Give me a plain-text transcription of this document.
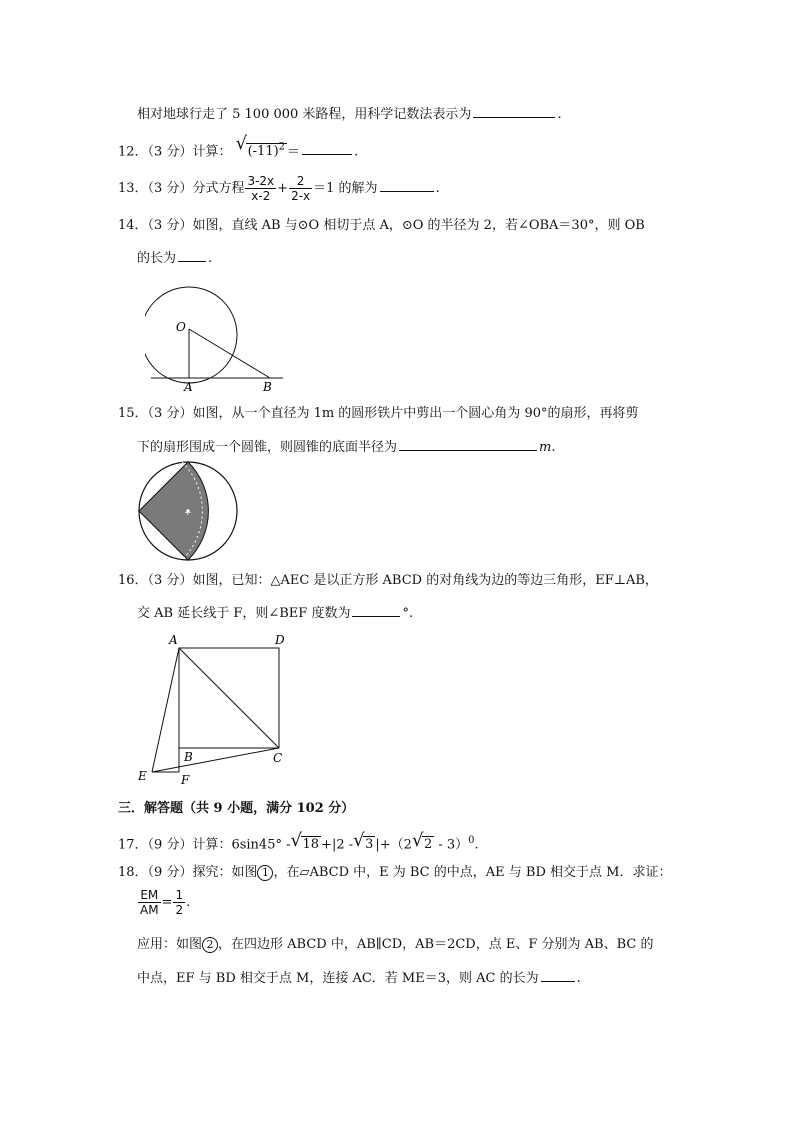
相对地球行走了 5 100 000 米路程，用科学记数法表示为	.
12．（3 分）计算： √ $(-11)^2$ ＝	.
13．（3 分）分式方程 $\frac{3-2x}{x-2} + \frac{2}{2-x} =1$ 的解为	.
14．（3 分）如图，直线 AB 与⊙O 相切于点 A，⊙O 的半径为 2，若∠OBA＝30°，则 OB
的长为 .
O
A	B
15．（3 分）如图，从一个直径为 1m 的圆形铁片中剪出一个圆心角为 90°的扇形，再将剪
下的扇形围成一个圆锥，则圆锥的底面半径为	m.
+
16．（3 分）如图，已知：△AEC 是以正方形 ABCD 的对角线为边的等边三角形，EF⊥AB，
交 AB 延长线于 F，则∠BEF 度数为	°.
A	D
B	C
E	F
三．解答题（共 9 小题，满分 102 分）
17．（9 分）计算：6sin45° - √ 18 +|2 - √ 3 |+（2 √ 2 - 3）$^0$.
18．（9 分）探究：如图 1 ，在▱ABCD 中，E 为 BC 的中点，AE 与 BD 相交于点 M．求证：
$\frac{EM}{AM} = \frac{1}{2}$ .
应用：如图 2 ，在四边形 ABCD 中，AB∥CD，AB＝2CD，点 E、F 分别为 AB、BC 的
中点，EF 与 BD 相交于点 M，连接 AC．若 ME＝3，则 AC 的长为	.
